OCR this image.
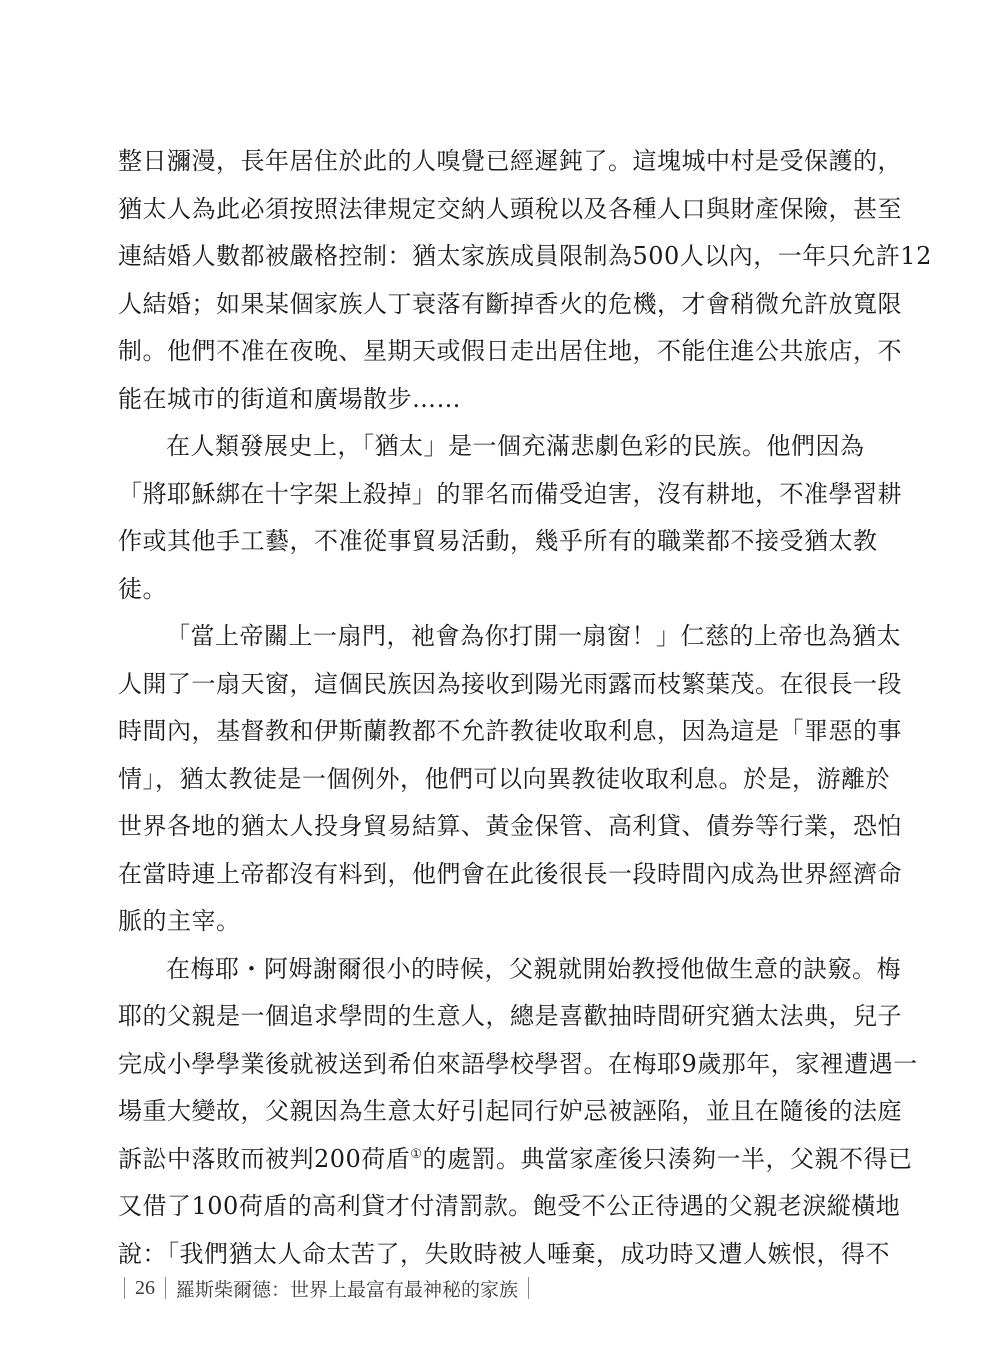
整日瀰漫，長年居住於此的人嗅覺已經遲鈍了。這塊城中村是受保護的，
猶太人為此必須按照法律規定交納人頭稅以及各種人口與財產保險，甚至
連結婚人數都被嚴格控制：猶太家族成員限制為500人以內，一年只允許12
人結婚；如果某個家族人丁衰落有斷掉香火的危機，才會稍微允許放寬限
制。他們不准在夜晚、星期天或假日走出居住地，不能住進公共旅店，不
能在城市的街道和廣場散步……
在人類發展史上，「猶太」是一個充滿悲劇色彩的民族。他們因為
「將耶穌綁在十字架上殺掉」的罪名而備受迫害，沒有耕地，不准學習耕
作或其他手工藝，不准從事貿易活動，幾乎所有的職業都不接受猶太教
徒。
「當上帝關上一扇門，祂會為你打開一扇窗！」仁慈的上帝也為猶太
人開了一扇天窗，這個民族因為接收到陽光雨露而枝繁葉茂。在很長一段
時間內，基督教和伊斯蘭教都不允許教徒收取利息，因為這是「罪惡的事
情」，猶太教徒是一個例外，他們可以向異教徒收取利息。於是，游離於
世界各地的猶太人投身貿易結算、黃金保管、高利貸、債券等行業，恐怕
在當時連上帝都沒有料到，他們會在此後很長一段時間內成為世界經濟命
脈的主宰。
在梅耶・阿姆謝爾很小的時候，父親就開始教授他做生意的訣竅。梅
耶的父親是一個追求學問的生意人，總是喜歡抽時間研究猶太法典，兒子
完成小學學業後就被送到希伯來語學校學習。在梅耶9歲那年，家裡遭遇一
場重大變故，父親因為生意太好引起同行妒忌被誣陷，並且在隨後的法庭
訴訟中落敗而被判200荷盾①的處罰。典當家產後只湊夠一半，父親不得已
又借了100荷盾的高利貸才付清罰款。飽受不公正待遇的父親老淚縱橫地
說：「我們猶太人命太苦了，失敗時被人唾棄，成功時又遭人嫉恨，得不
26 羅斯柴爾德：世界上最富有最神秘的家族
